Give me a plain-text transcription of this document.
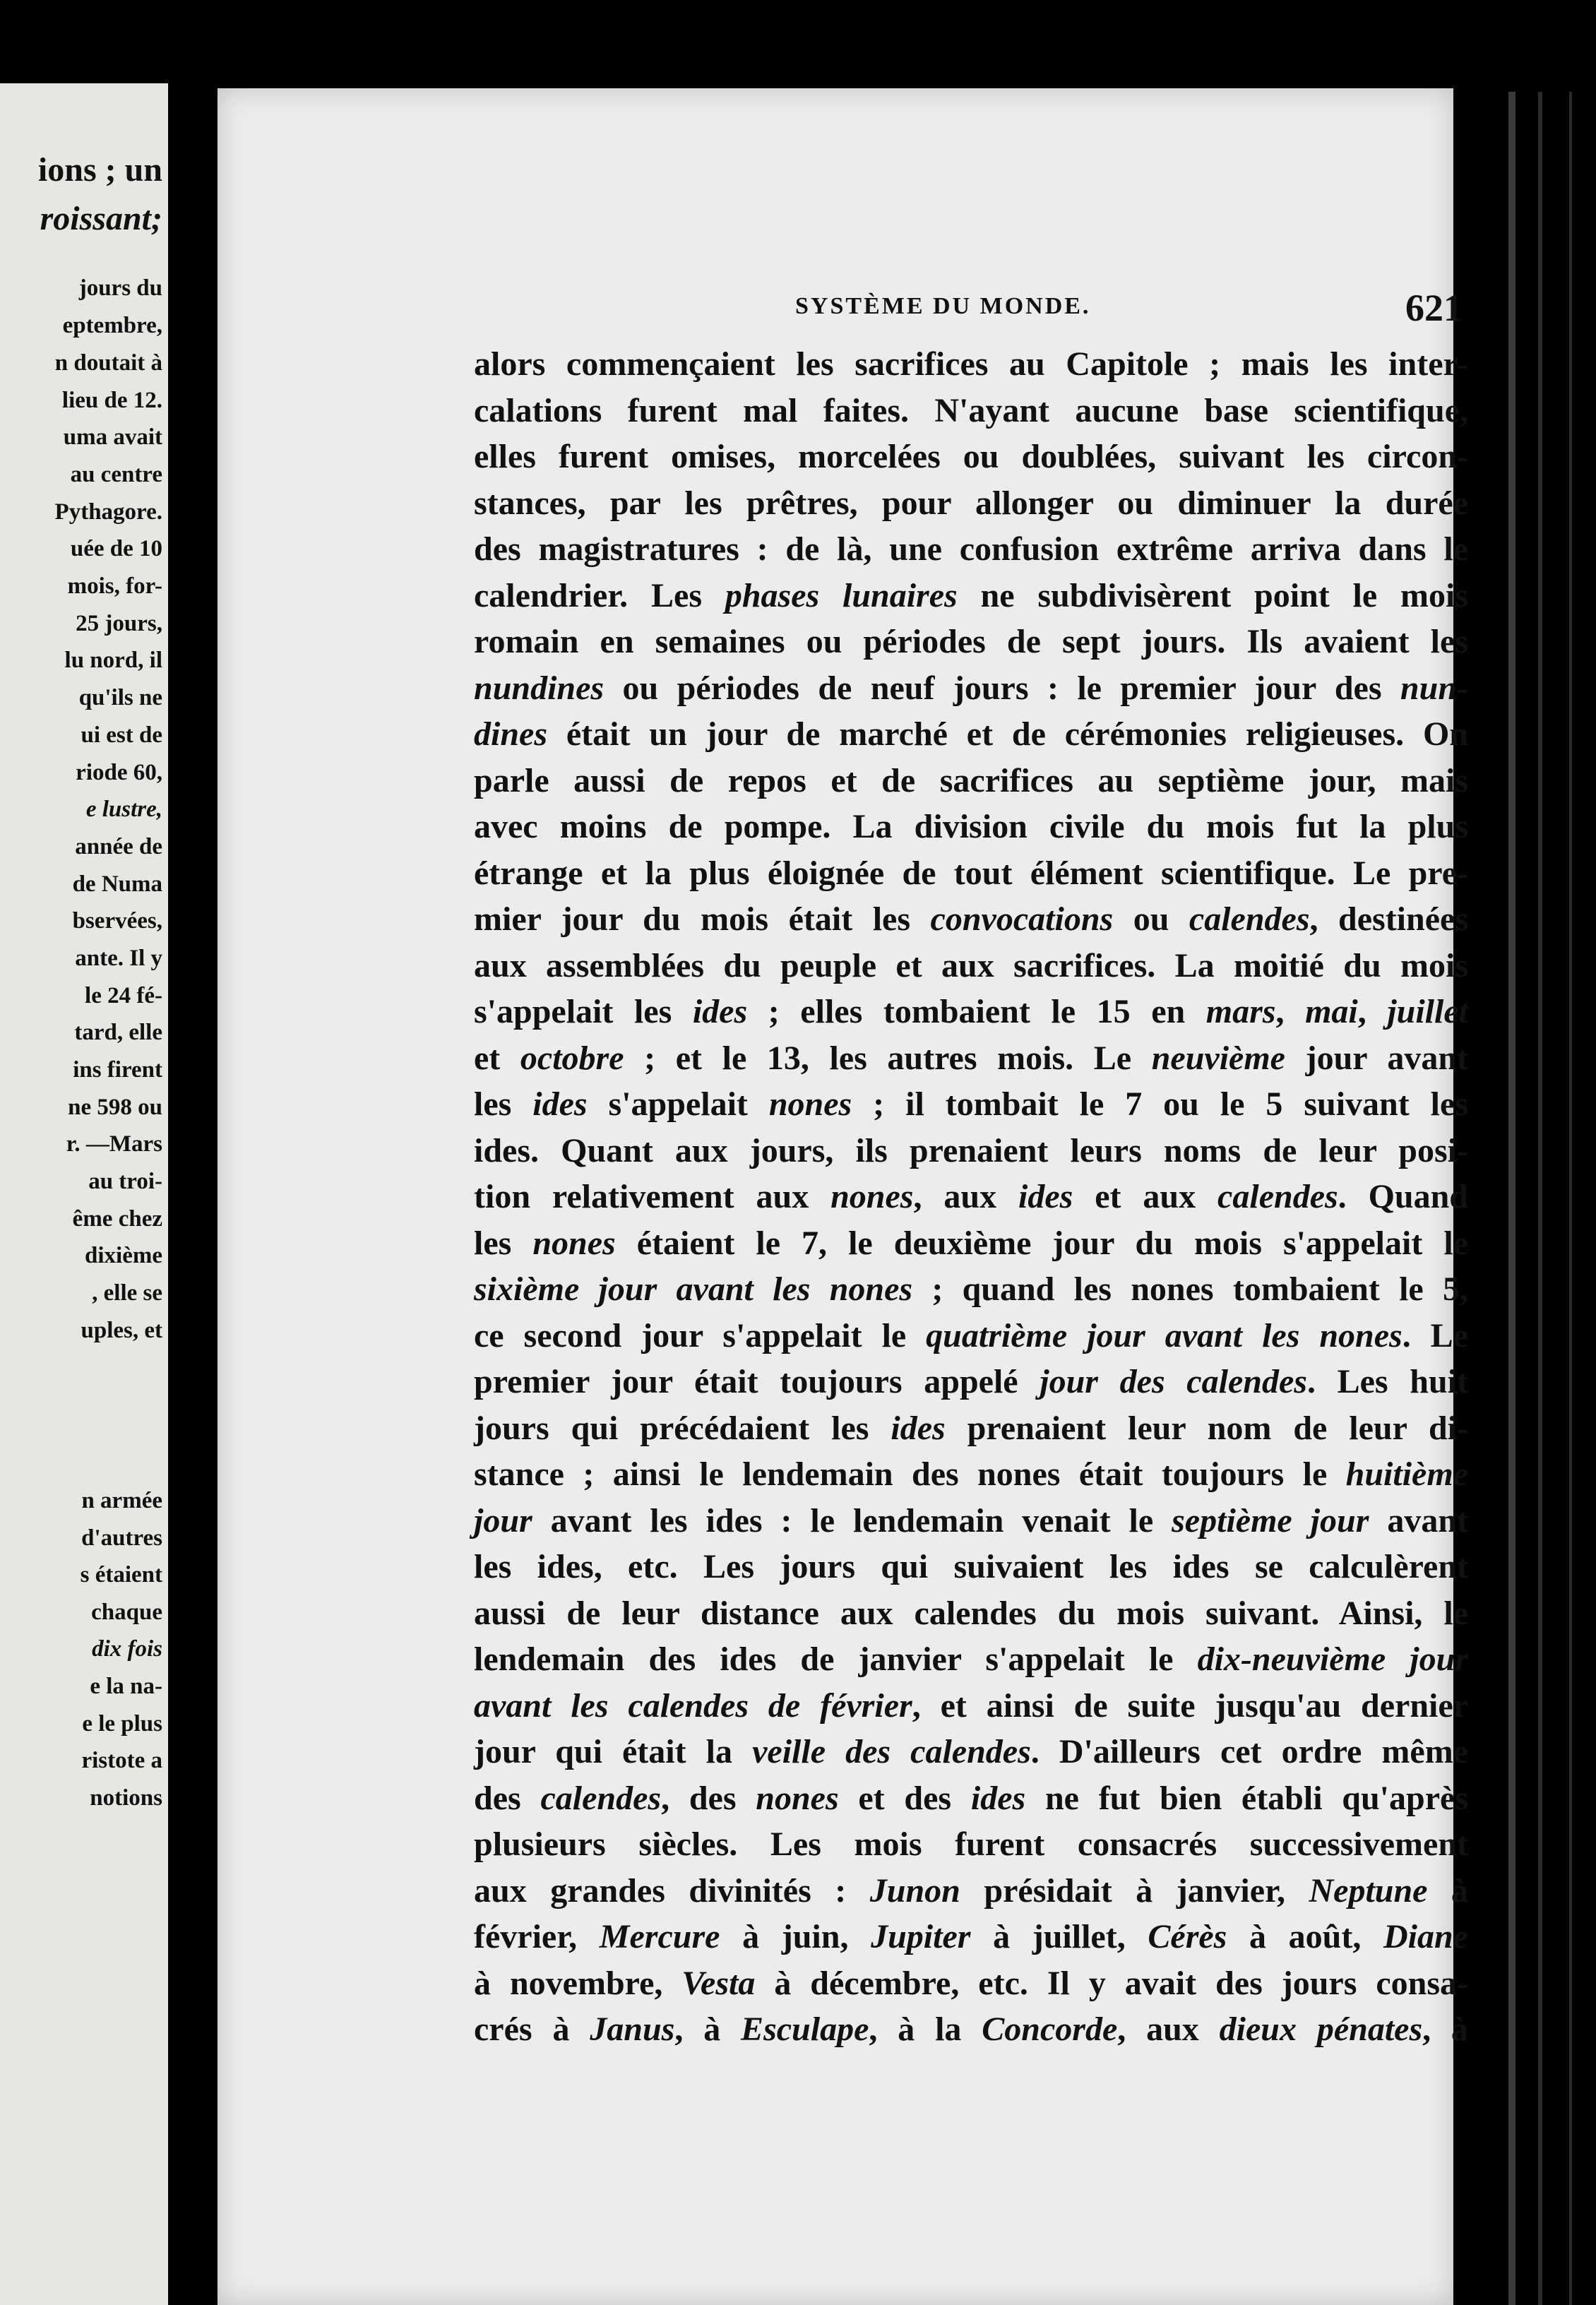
ions ; un
roissant;
jours du
eptembre,
n doutait à
lieu de 12.
uma avait
au centre
Pythagore.
uée de 10
mois, for-
25 jours,
lu nord, il
qu'ils ne
ui est de
riode 60,
e lustre,
année de
de Numa
bservées,
ante. Il y
le 24 fé-
tard, elle
ins firent
ne 598 ou
r. —Mars
au troi-
ême chez
dixième
, elle se
uples, et
n armée
d'autres
s étaient
chaque
dix fois
e la na-
e le plus
ristote a
notions
SYSTÈME DU MONDE.	621
alors commençaient les sacrifices au Capitole ; mais les inter-
calations furent mal faites. N'ayant aucune base scientifique,
elles furent omises, morcelées ou doublées, suivant les circon-
stances, par les prêtres, pour allonger ou diminuer la durée
des magistratures : de là, une confusion extrême arriva dans le
calendrier. Les phases lunaires ne subdivisèrent point le mois
romain en semaines ou périodes de sept jours. Ils avaient les
nundines ou périodes de neuf jours : le premier jour des nun-
dines était un jour de marché et de cérémonies religieuses. On
parle aussi de repos et de sacrifices au septième jour, mais
avec moins de pompe. La division civile du mois fut la plus
étrange et la plus éloignée de tout élément scientifique. Le pre-
mier jour du mois était les convocations ou calendes, destinées
aux assemblées du peuple et aux sacrifices. La moitié du mois
s'appelait les ides ; elles tombaient le 15 en mars, mai, juillet
et octobre ; et le 13, les autres mois. Le neuvième jour avant
les ides s'appelait nones ; il tombait le 7 ou le 5 suivant les
ides. Quant aux jours, ils prenaient leurs noms de leur posi-
tion relativement aux nones, aux ides et aux calendes. Quand
les nones étaient le 7, le deuxième jour du mois s'appelait le
sixième jour avant les nones ; quand les nones tombaient le 5,
ce second jour s'appelait le quatrième jour avant les nones. Le
premier jour était toujours appelé jour des calendes. Les huit
jours qui précédaient les ides prenaient leur nom de leur di-
stance ; ainsi le lendemain des nones était toujours le huitième
jour avant les ides : le lendemain venait le septième jour avant
les ides, etc. Les jours qui suivaient les ides se calculèrent
aussi de leur distance aux calendes du mois suivant. Ainsi, le
lendemain des ides de janvier s'appelait le dix-neuvième jour
avant les calendes de février, et ainsi de suite jusqu'au dernier
jour qui était la veille des calendes. D'ailleurs cet ordre même
des calendes, des nones et des ides ne fut bien établi qu'après
plusieurs siècles. Les mois furent consacrés successivement
aux grandes divinités : Junon présidait à janvier, Neptune à
février, Mercure à juin, Jupiter à juillet, Cérès à août, Diane
à novembre, Vesta à décembre, etc. Il y avait des jours consa-
crés à Janus, à Esculape, à la Concorde, aux dieux pénates, à
